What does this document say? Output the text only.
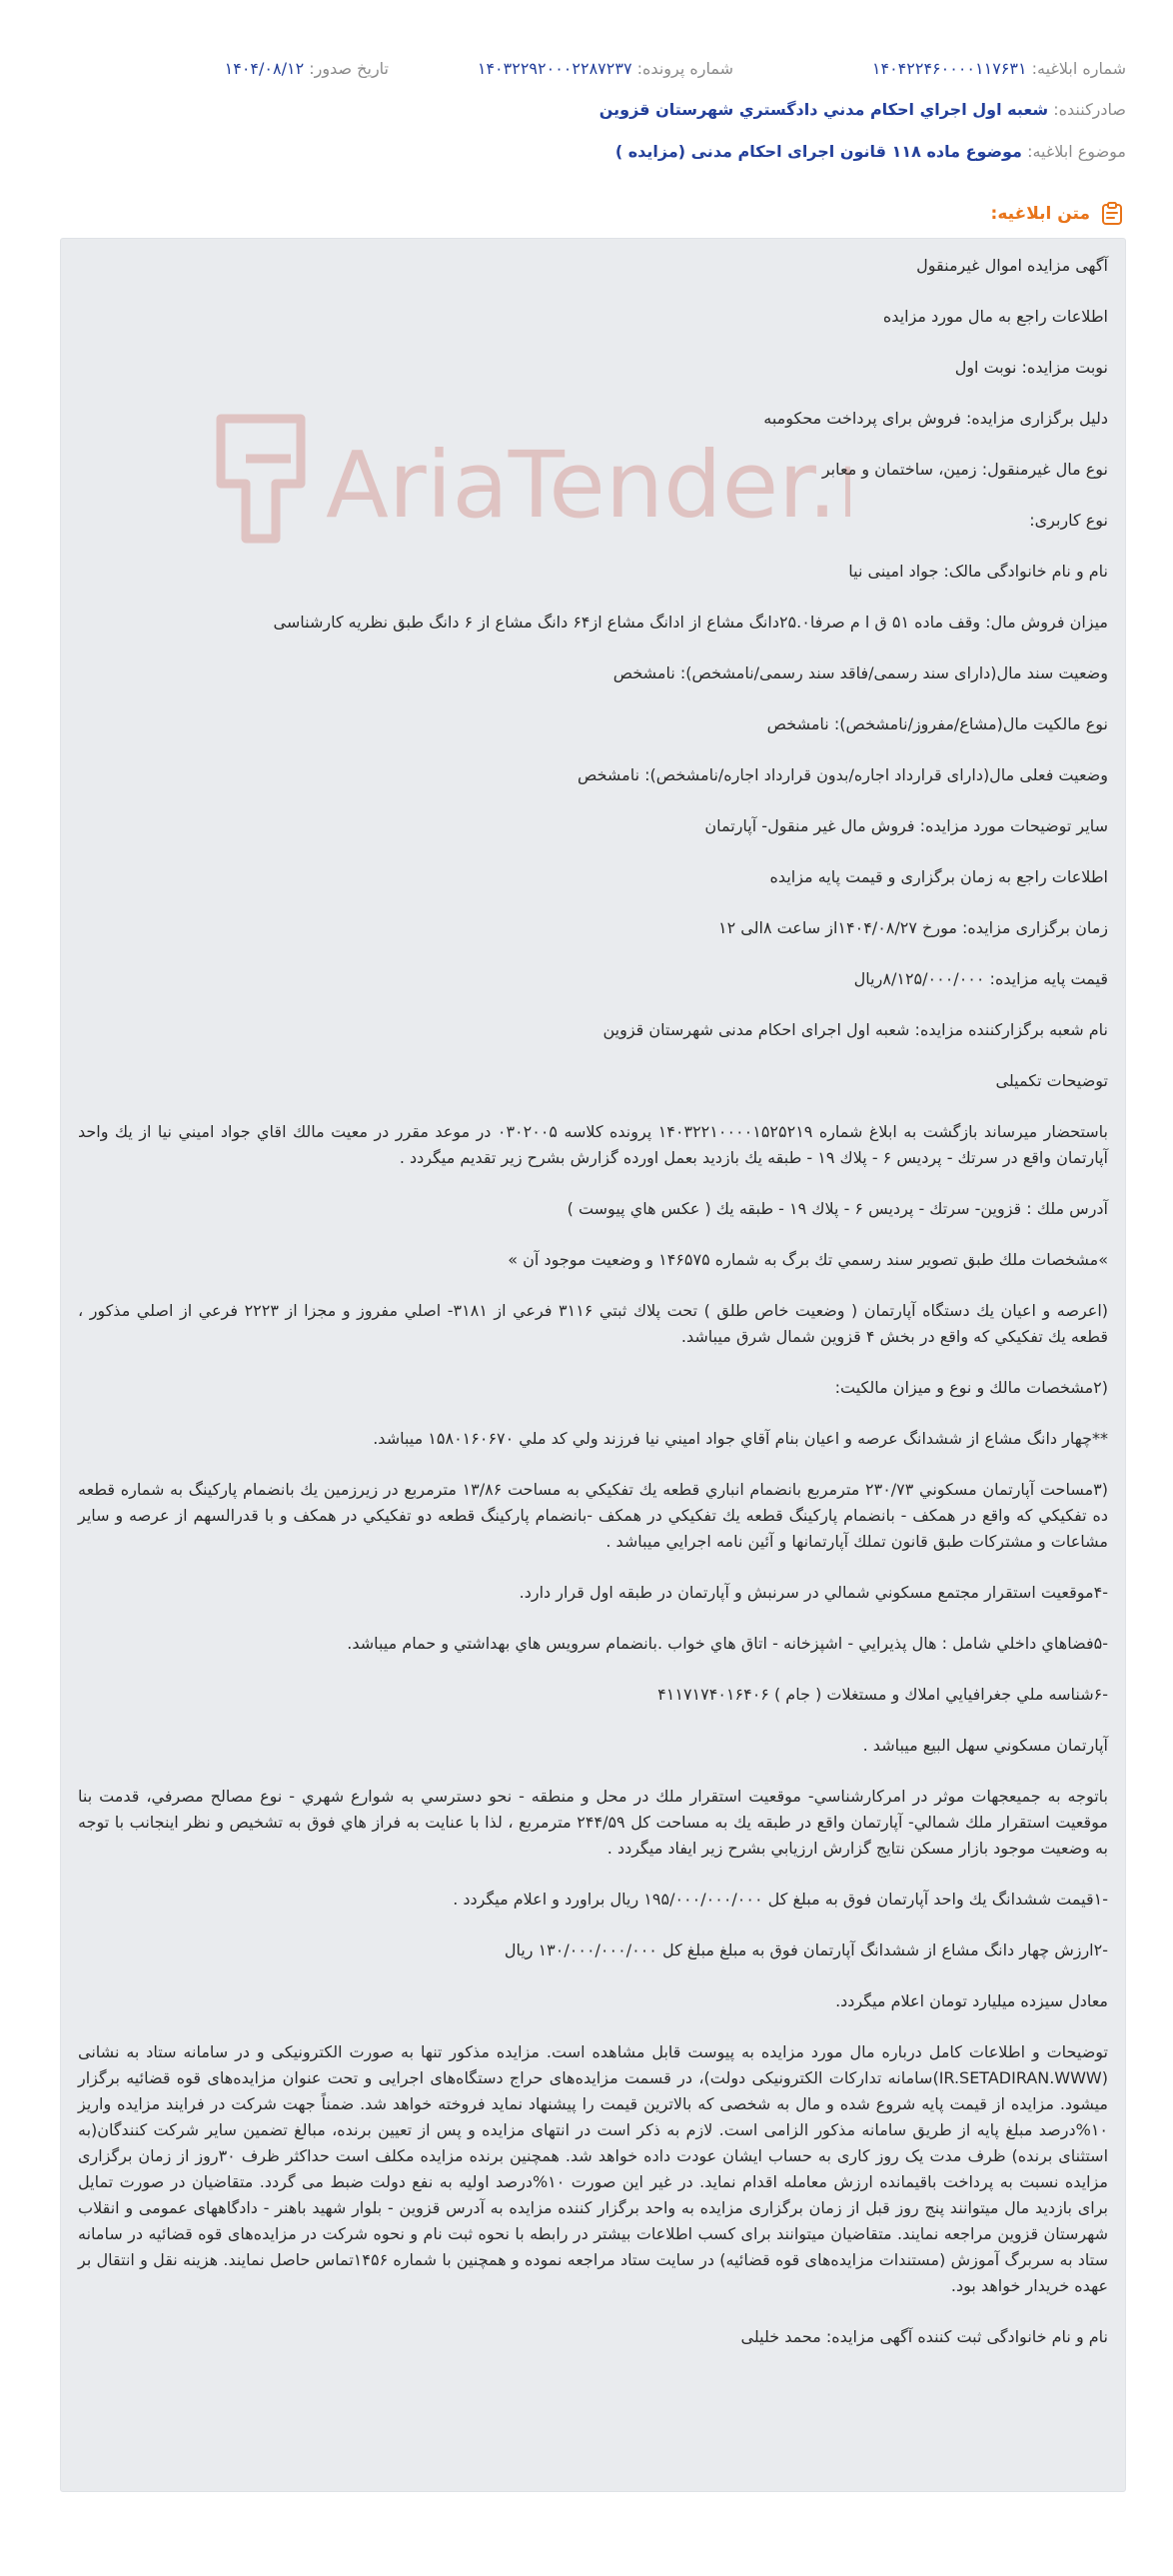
شماره ابلاغیه: ۱۴۰۴۲۲۴۶۰۰۰۰۱۱۷۶۳۱
شماره پرونده: ۱۴۰۳۲۲۹۲۰۰۰۲۲۸۷۲۳۷
تاریخ صدور: ۱۴۰۴/۰۸/۱۲
صادرکننده: شعبه اول اجراي احكام مدني دادگستري شهرستان قزوين
موضوع ابلاغیه: موضوع ماده ۱۱۸ قانون اجرای احکام مدنی (مزایده )
متن ابلاغیه:
AriaTender.

آگهی مزایده اموال غیرمنقول

اطلاعات راجع به مال مورد مزایده

نوبت مزایده: نوبت اول

دلیل برگزاری مزایده: فروش برای پرداخت محکومبه

نوع مال غیرمنقول: زمین، ساختمان و معابر

نوع کاربری:

نام و نام خانوادگی مالک: جواد امینی نیا

میزان فروش مال: وقف ماده ۵۱ ق ا م صرفا۲۵.۰دانگ مشاع از ادانگ مشاع از۶۴ دانگ مشاع از ۶ دانگ طبق نظریه کارشناسی

وضعیت سند مال(دارای سند رسمی/فاقد سند رسمی/نامشخص): نامشخص

نوع مالکیت مال(مشاع/مفروز/نامشخص): نامشخص

وضعیت فعلی مال(دارای قرارداد اجاره/بدون قرارداد اجاره/نامشخص): نامشخص

سایر توضیحات مورد مزایده: فروش مال غیر منقول- آپارتمان

اطلاعات راجع به زمان برگزاری و قیمت پایه مزایده

زمان برگزاری مزایده: مورخ ۱۴۰۴/۰۸/۲۷از ساعت ۸الی ۱۲

قیمت پایه مزایده: ۸/۱۲۵/۰۰۰/۰۰۰ریال

نام شعبه برگزارکننده مزایده: شعبه اول اجرای احکام مدنی شهرستان قزوین

توضیحات تکمیلی

باستحضار ميرساند بازگشت به ابلاغ شماره ۱۴۰۳۲۲۱۰۰۰۰۱۵۲۵۲۱۹ پرونده كلاسه ۰۳۰۲۰۰۵ در موعد مقرر در معيت مالك اقاي جواد اميني نيا از يك واحد آپارتمان واقع در سرتك - پرديس ۶ - پلاك ۱۹ - طبقه يك بازديد بعمل اورده گزارش بشرح زير تقديم ميگردد .

آدرس ملك : قزوين- سرتك - پرديس ۶ - پلاك ۱۹ - طبقه يك ( عكس هاي پيوست )

»مشخصات ملك طبق تصوير سند رسمي تك برگ به شماره ۱۴۶۵۷۵ و وضعيت موجود آن »

(اعرصه و اعيان يك دستگاه آپارتمان ( وضعيت خاص طلق ) تحت پلاك ثبتي ۳۱۱۶ فرعي از ۳۱۸۱- اصلي مفروز و مجزا از ۲۲۲۳ فرعي از اصلي مذكور ، قطعه يك تفكيكي كه واقع در بخش ۴ قزوين شمال شرق ميباشد.

(۲مشخصات مالك و نوع و ميزان مالكيت:

**چهار دانگ مشاع از ششدانگ عرصه و اعيان بنام آقاي جواد اميني نيا فرزند ولي كد ملي ۱۵۸۰۱۶۰۶۷۰ ميباشد.

(۳مساحت آپارتمان مسكوني ۲۳۰/۷۳ مترمربع بانضمام انباري قطعه يك تفكيكي به مساحت ۱۳/۸۶ مترمربع در زيرزمين يك بانضمام پاركينگ به شماره قطعه ده تفكيكي كه واقع در همكف - بانضمام پاركينگ قطعه يك تفكيكي در همكف -بانضمام پاركينگ قطعه دو تفكيكي در همكف و با قدرالسهم از عرصه و ساير مشاعات و مشتركات طبق قانون تملك آپارتمانها و آئين نامه اجرايي ميباشد .

-۴موقعيت استقرار مجتمع مسكوني شمالي در سرنبش و آپارتمان در طبقه اول قرار دارد.

-۵فضاهاي داخلي شامل : هال پذيرايي - اشپزخانه - اتاق هاي خواب .بانضمام سرويس هاي بهداشتي و حمام ميباشد.

-۶شناسه ملي جغرافيايي املاك و مستغلات ( جام ) ۴۱۱۷۱۷۴۰۱۶۴۰۶

آپارتمان مسكوني سهل البيع ميباشد .

باتوجه به جميعجهات موثر در امركارشناسي- موقعيت استقرار ملك در محل و منطقه - نحو دسترسي به شوارع شهري - نوع مصالح مصرفي، قدمت بنا موقعيت استقرار ملك شمالي- آپارتمان واقع در طبقه يك به مساحت كل ۲۴۴/۵۹ مترمربع ، لذا با عنايت به فراز هاي فوق به تشخيص و نظر اينجانب با توجه به وضعيت موجود بازار مسكن نتايج گزارش ارزيابي بشرح زير ايفاد ميگردد .

-۱قيمت ششدانگ يك واحد آپارتمان فوق به مبلغ كل ۱۹۵/۰۰۰/۰۰۰/۰۰۰ ريال براورد و اعلام ميگردد .

-۲ارزش چهار دانگ مشاع از ششدانگ آپارتمان فوق به مبلغ مبلغ كل ۱۳۰/۰۰۰/۰۰۰/۰۰۰ ريال

معادل سيزده ميليارد تومان اعلام ميگردد.

توضیحات و اطلاعات کامل درباره مال مورد مزایده به پیوست قابل مشاهده است. مزایده مذکور تنها به صورت الکترونیکی و در سامانه ستاد به نشانی (IR.SETADIRAN.WWW)سامانه تدارکات الکترونیکی دولت)، در قسمت مزایده‌های حراج دستگاه‌های اجرایی و تحت عنوان مزایده‌های قوه قضائیه برگزار میشود. مزایده از قیمت پایه شروع شده و مال به شخصی که بالاترین قیمت را پیشنهاد نماید فروخته خواهد شد. ضمناً جهت شرکت در فرایند مزایده واریز ۱۰%درصد مبلغ پایه از طریق سامانه مذکور الزامی است. لازم به ذکر است در انتهای مزایده و پس از تعیین برنده، مبالغ تضمین سایر شرکت کنندگان(به استثنای برنده) ظرف مدت یک روز کاری به حساب ایشان عودت داده خواهد شد. همچنین برنده مزایده مکلف است حداکثر ظرف ۳۰روز از زمان برگزاری مزایده نسبت به پرداخت باقیمانده ارزش معامله اقدام نماید. در غیر این صورت ۱۰%درصد اولیه به نفع دولت ضبط می گردد. متقاضیان در صورت تمایل برای بازدید مال میتوانند پنج روز قبل از زمان برگزاری مزایده به واحد برگزار کننده مزایده به آدرس قزوین - بلوار شهید باهنر - دادگاههای عمومی و انقلاب شهرستان قزوین مراجعه نمایند. متقاضیان میتوانند برای کسب اطلاعات بیشتر در رابطه با نحوه ثبت نام و نحوه شرکت در مزایده‌های قوه قضائیه در سامانه ستاد به سربرگ آموزش (مستندات مزایده‌های قوه قضائیه) در سایت ستاد مراجعه نموده و همچنین با شماره ۱۴۵۶تماس حاصل نمایند. هزینه نقل و انتقال بر عهده خریدار خواهد بود.

نام و نام خانوادگی ثبت کننده آگهی مزایده: محمد خلیلی
